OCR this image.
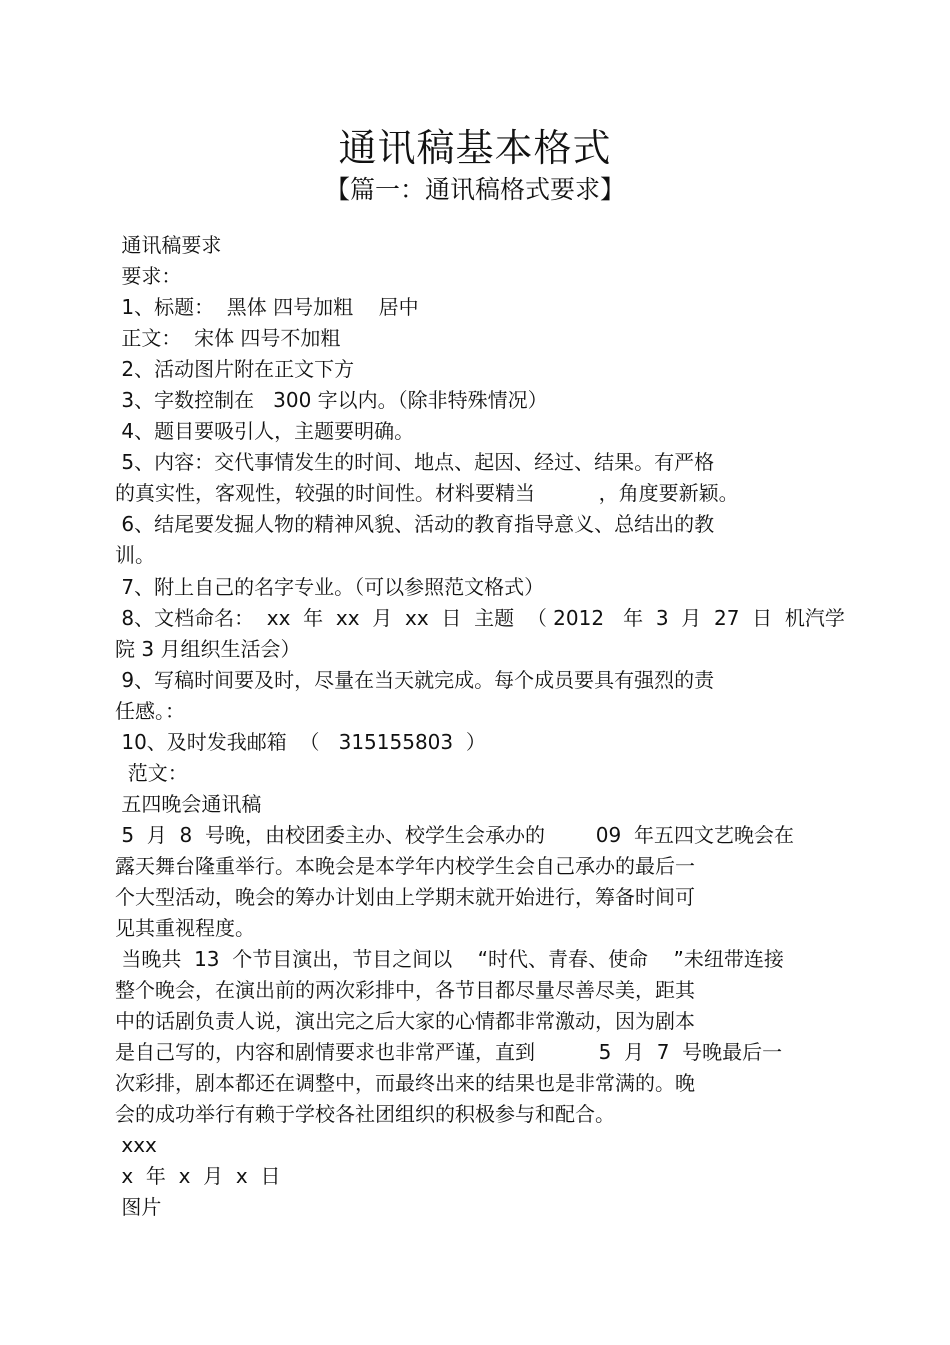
通讯稿基本格式
【篇一：通讯稿格式要求】
通讯稿要求
要求：
1、标题：  黑体 四号加粗    居中
正文：  宋体 四号不加粗
2、活动图片附在正文下方
3、字数控制在   300 字以内。（除非特殊情况）
4、题目要吸引人，主题要明确。
5、内容：交代事情发生的时间、地点、起因、经过、结果。有严格
的真实性，客观性，较强的时间性。材料要精当          ，角度要新颖。
6、结尾要发掘人物的精神风貌、活动的教育指导意义、总结出的教
训。
7、附上自己的名字专业。（可以参照范文格式）
8、文档命名：  xx  年  xx  月  xx  日  主题  （ 2012   年  3  月  27  日  机汽学
院 3 月组织生活会）
9、写稿时间要及时，尽量在当天就完成。每个成员要具有强烈的责
任感。：
10、及时发我邮箱  （   315155803  ）
范文：
五四晚会通讯稿
5  月  8  号晚，由校团委主办、校学生会承办的        09  年五四文艺晚会在
露天舞台隆重举行。本晚会是本学年内校学生会自己承办的最后一
个大型活动，晚会的筹办计划由上学期末就开始进行，筹备时间可
见其重视程度。
当晚共  13  个节目演出，节目之间以    “时代、青春、使命    ”未纽带连接
整个晚会，在演出前的两次彩排中，各节目都尽量尽善尽美，距其
中的话剧负责人说，演出完之后大家的心情都非常激动，因为剧本
是自己写的，内容和剧情要求也非常严谨，直到          5  月  7  号晚最后一
次彩排，剧本都还在调整中，而最终出来的结果也是非常满的。晚
会的成功举行有赖于学校各社团组织的积极参与和配合。
xxx
x  年  x  月  x  日
图片
